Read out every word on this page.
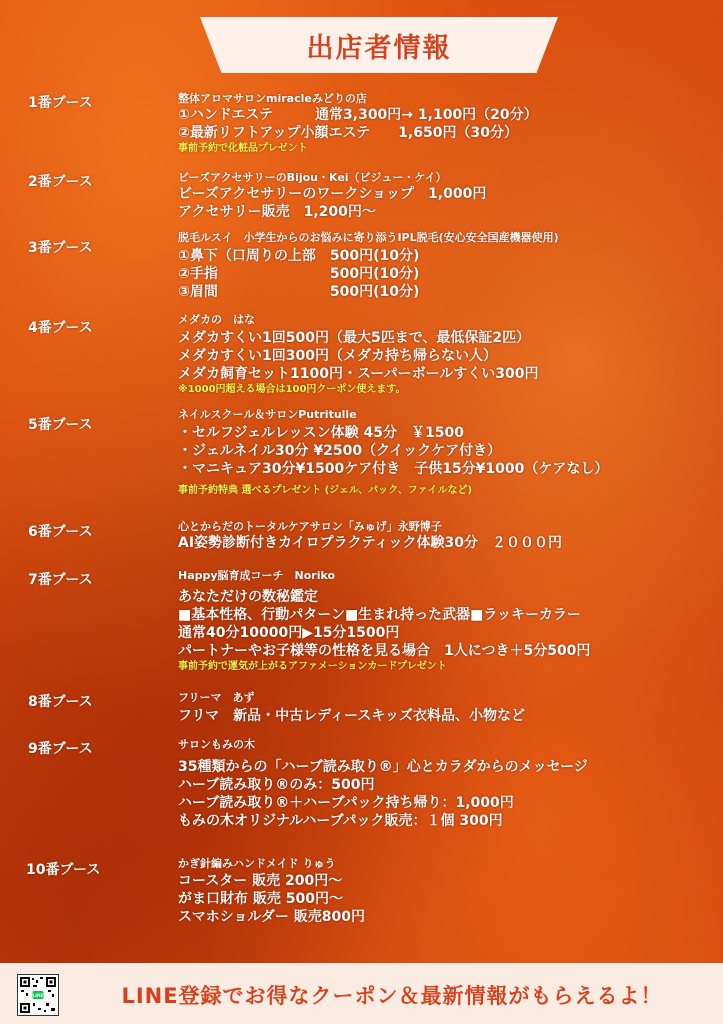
出店者情報
1番ブース	整体アロマサロンmiracleみどりの店
①ハンドエステ　　　通常3,300円→ 1,100円（20分）
②最新リフトアップ小顔エステ　　1,650円（30分）
事前予約で化粧品プレゼント
2番ブース	ビーズアクセサリーのBijou・Kei（ビジュー・ケイ）
ビーズアクセサリーのワークショップ　1,000円
アクセサリー販売　1,200円〜
3番ブース
脱毛ルスイ　小学生からのお悩みに寄り添うIPL脱毛(安心安全国産機器使用)
①鼻下（口周りの上部　500円(10分)
②手指　　　　　　　　500円(10分)
③眉間　　　　　　　　500円(10分)
4番ブース
メダカの　はな
メダカすくい1回500円（最大5匹まで、最低保証2匹）
メダカすくい1回300円（メダカ持ち帰らない人）
メダカ飼育セット1100円・スーパーボールすくい300円
※1000円超える場合は100円クーポン使えます。
5番ブース
ネイルスクール＆サロンPutritulle
・セルフジェルレッスン体験 45分　￥1500
・ジェルネイル30分 ¥2500（クイックケア付き）
・マニキュア30分¥1500ケア付き　子供15分¥1000（ケアなし）
事前予約特典 選べるプレゼント (ジェル、パック、ファイルなど)
6番ブース	心とからだのトータルケアサロン「みゅげ」永野博子
AI姿勢診断付きカイロプラクティック体験30分　２０００円
7番ブース	Happy脳育成コーチ　Noriko
あなただけの数秘鑑定
■基本性格、行動パターン■生まれ持った武器■ラッキーカラー
通常40分10000円▶15分1500円
パートナーやお子様等の性格を見る場合　1人につき＋5分500円
事前予約で運気が上がるアファメーションカードプレゼント
8番ブース	フリーマ　あず
フリマ　新品・中古レディースキッズ衣料品、小物など
9番ブース	サロンもみの木
35種類からの「ハーブ読み取り®」心とカラダからのメッセージ
ハーブ読み取り®のみ：500円
ハーブ読み取り®＋ハーブパック持ち帰り：1,000円
もみの木オリジナルハーブパック販売：１個 300円
10番ブース	かぎ針編みハンドメイド りゅう
コースター 販売 200円〜
がま口財布 販売 500円〜
スマホショルダー 販売800円
LINE	LINE登録でお得なクーポン＆最新情報がもらえるよ！
